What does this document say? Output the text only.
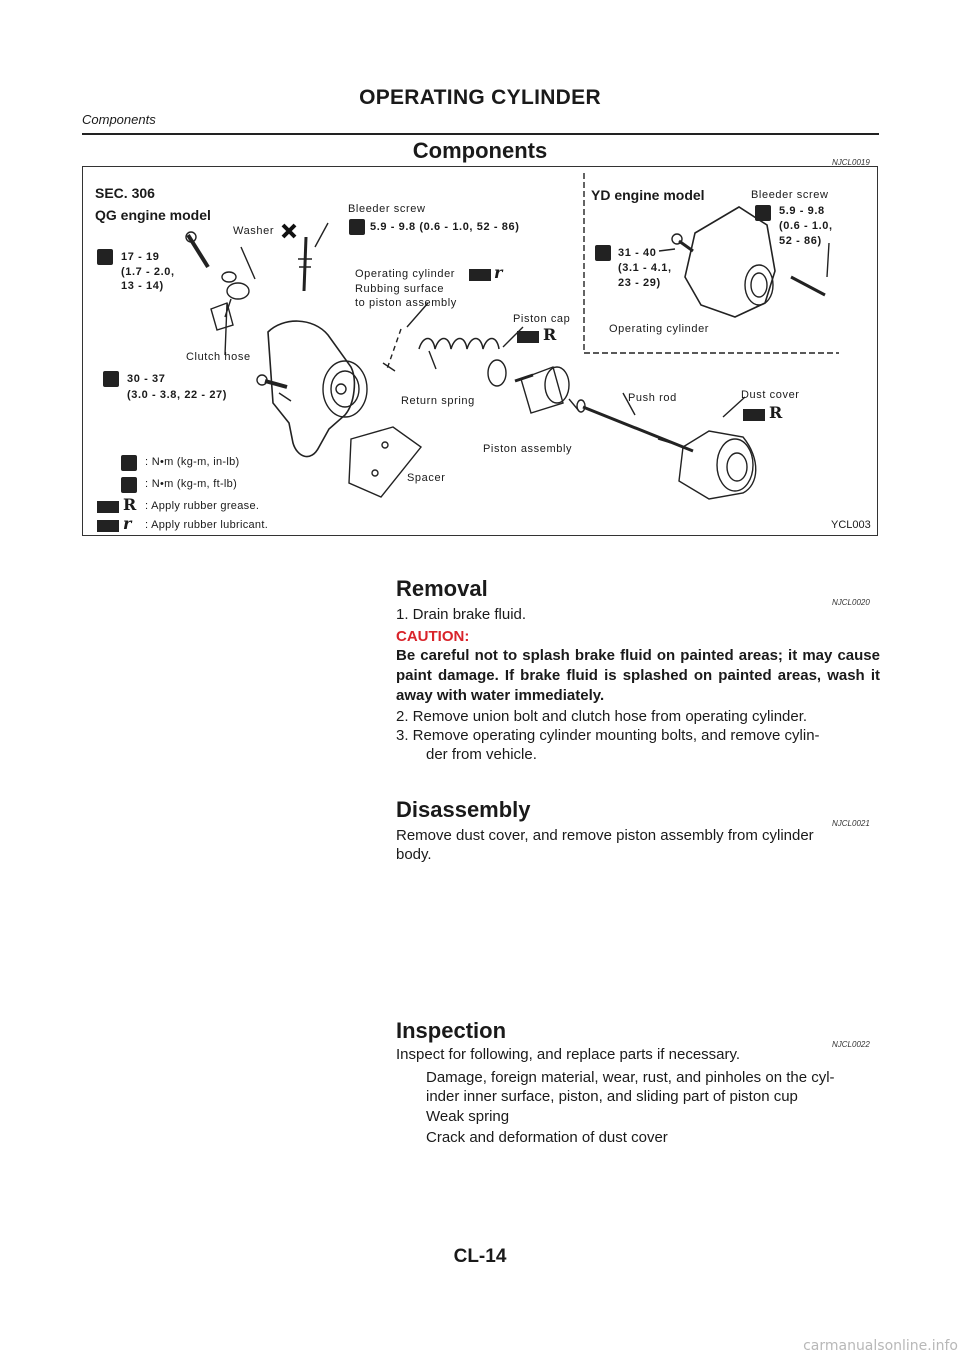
OPERATING CYLINDER
Components
Components	NJCL0019
SEC. 306
QG engine model
YD engine model
Washer
Bleeder screw
5.9 - 9.8 (0.6 - 1.0, 52 - 86)
17 - 19
(1.7 - 2.0,
13 - 14)
Operating cylinder r
Rubbing surface
to piston assembly
Clutch hose
30 - 37
(3.0 - 3.8, 22 - 27)
Piston cap
R
Return spring	Push rod	Dust cover
R
Piston assembly
Spacer
Bleeder screw
5.9 - 9.8
(0.6 - 1.0,
52 - 86)
31 - 40
(3.1 - 4.1,
23 - 29)
Operating cylinder
: N•m (kg-m, in-lb)
: N•m (kg-m, ft-lb)
R : Apply rubber grease.
r : Apply rubber lubricant.	YCL003
Removal
NJCL0020
1. Drain brake fluid.
CAUTION:
Be careful not to splash brake fluid on painted areas; it may cause paint damage. If brake fluid is splashed on painted areas, wash it away with water immediately.
2. Remove union bolt and clutch hose from operating cylinder.
3. Remove operating cylinder mounting bolts, and remove cylin-
der from vehicle.
Disassembly
NJCL0021
Remove dust cover, and remove piston assembly from cylinder
body.
Inspection
NJCL0022
Inspect for following, and replace parts if necessary.
Damage, foreign material, wear, rust, and pinholes on the cyl-
inder inner surface, piston, and sliding part of piston cup
Weak spring
Crack and deformation of dust cover
CL-14
carmanualsonline.info
